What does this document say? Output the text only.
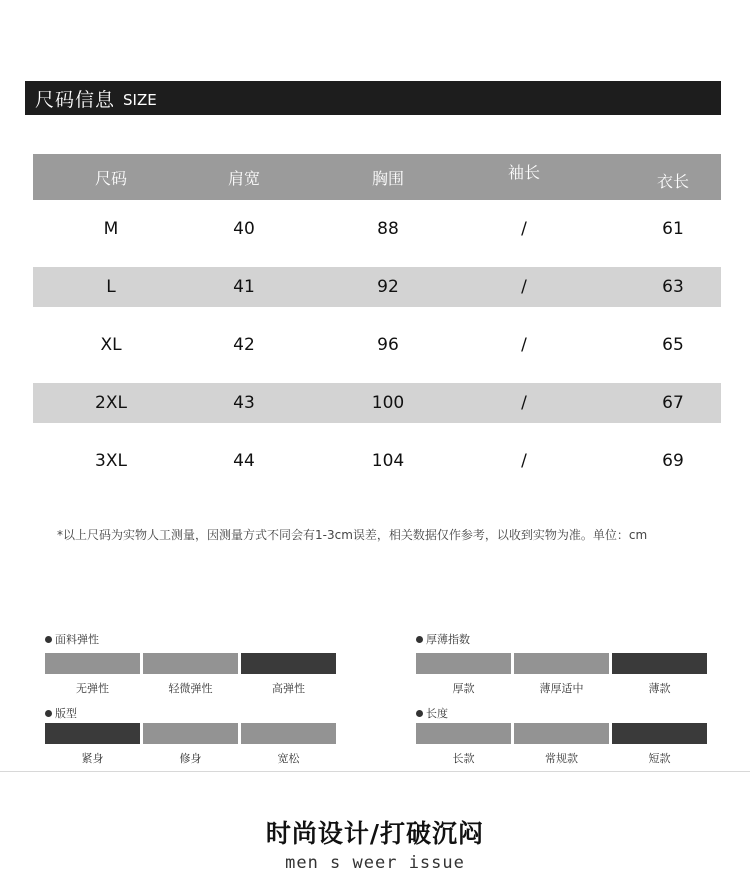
尺码信息 SIZE
尺码	肩宽	胸围	袖长	衣长
M	40	88	/	61
L	41	92	/	63
XL	42	96	/	65
2XL	43	100	/	67
3XL	44	104	/	69
*以上尺码为实物人工测量，因测量方式不同会有1-3cm误差，相关数据仅作参考，以收到实物为准。单位：cm
面料弹性
无弹性	轻微弹性	高弹性
厚薄指数
厚款	薄厚适中	薄款
版型
紧身	修身	宽松
长度
长款	常规款	短款
时尚设计/打破沉闷
men s weer issue
